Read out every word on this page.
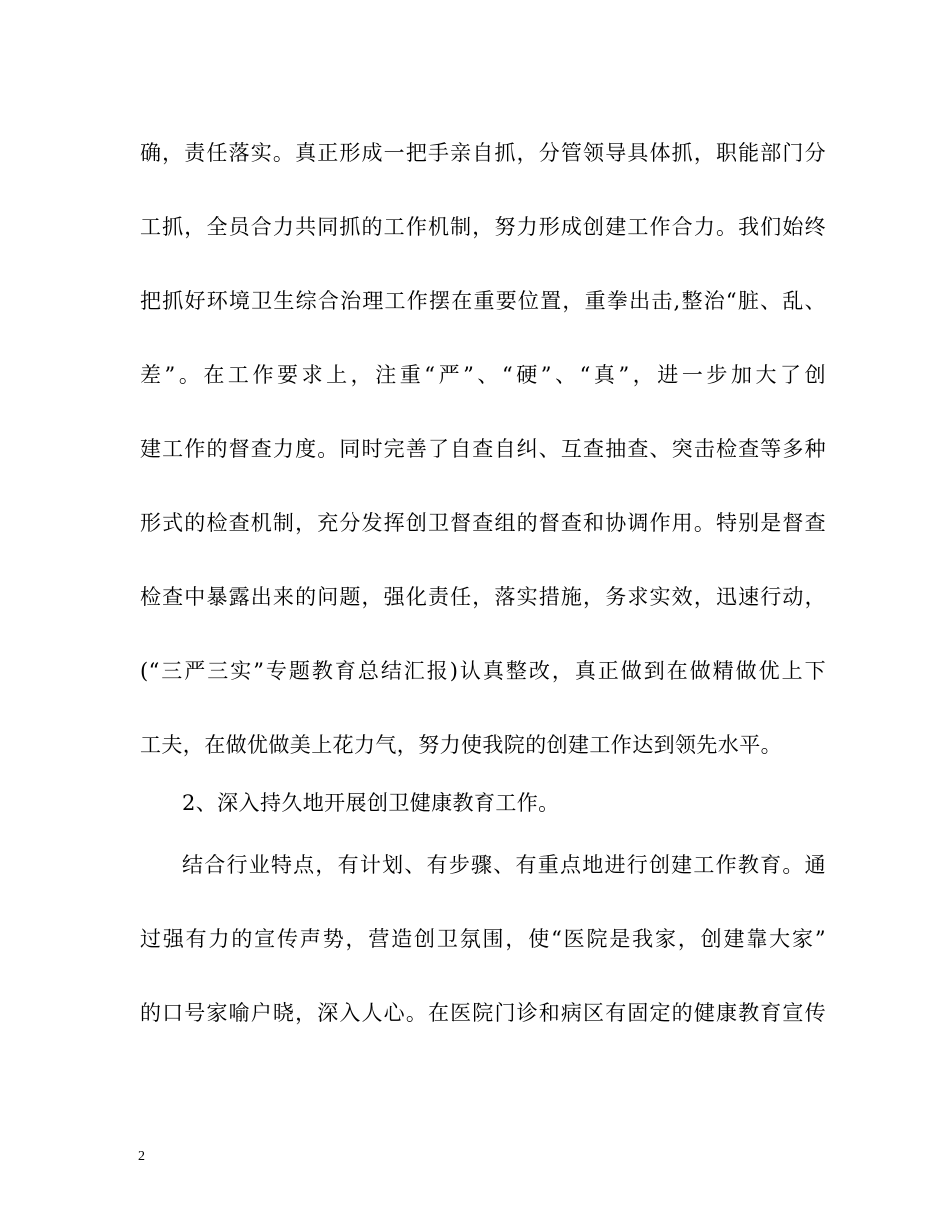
确，责任落实。真正形成一把手亲自抓，分管领导具体抓，职能部门分
工抓，全员合力共同抓的工作机制，努力形成创建工作合力。我们始终
把抓好环境卫生综合治理工作摆在重要位置，重拳出击,整治“脏、乱、
差”。在工作要求上，注重“严”、“硬”、“真”，进一步加大了创
建工作的督查力度。同时完善了自查自纠、互查抽查、突击检查等多种
形式的检查机制，充分发挥创卫督查组的督查和协调作用。特别是督查
检查中暴露出来的问题，强化责任，落实措施，务求实效，迅速行动，
(“三严三实”专题教育总结汇报)认真整改，真正做到在做精做优上下
工夫，在做优做美上花力气，努力使我院的创建工作达到领先水平。
2、深入持久地开展创卫健康教育工作。
结合行业特点，有计划、有步骤、有重点地进行创建工作教育。通
过强有力的宣传声势，营造创卫氛围，使“医院是我家，创建靠大家”
的口号家喻户晓，深入人心。在医院门诊和病区有固定的健康教育宣传
2
